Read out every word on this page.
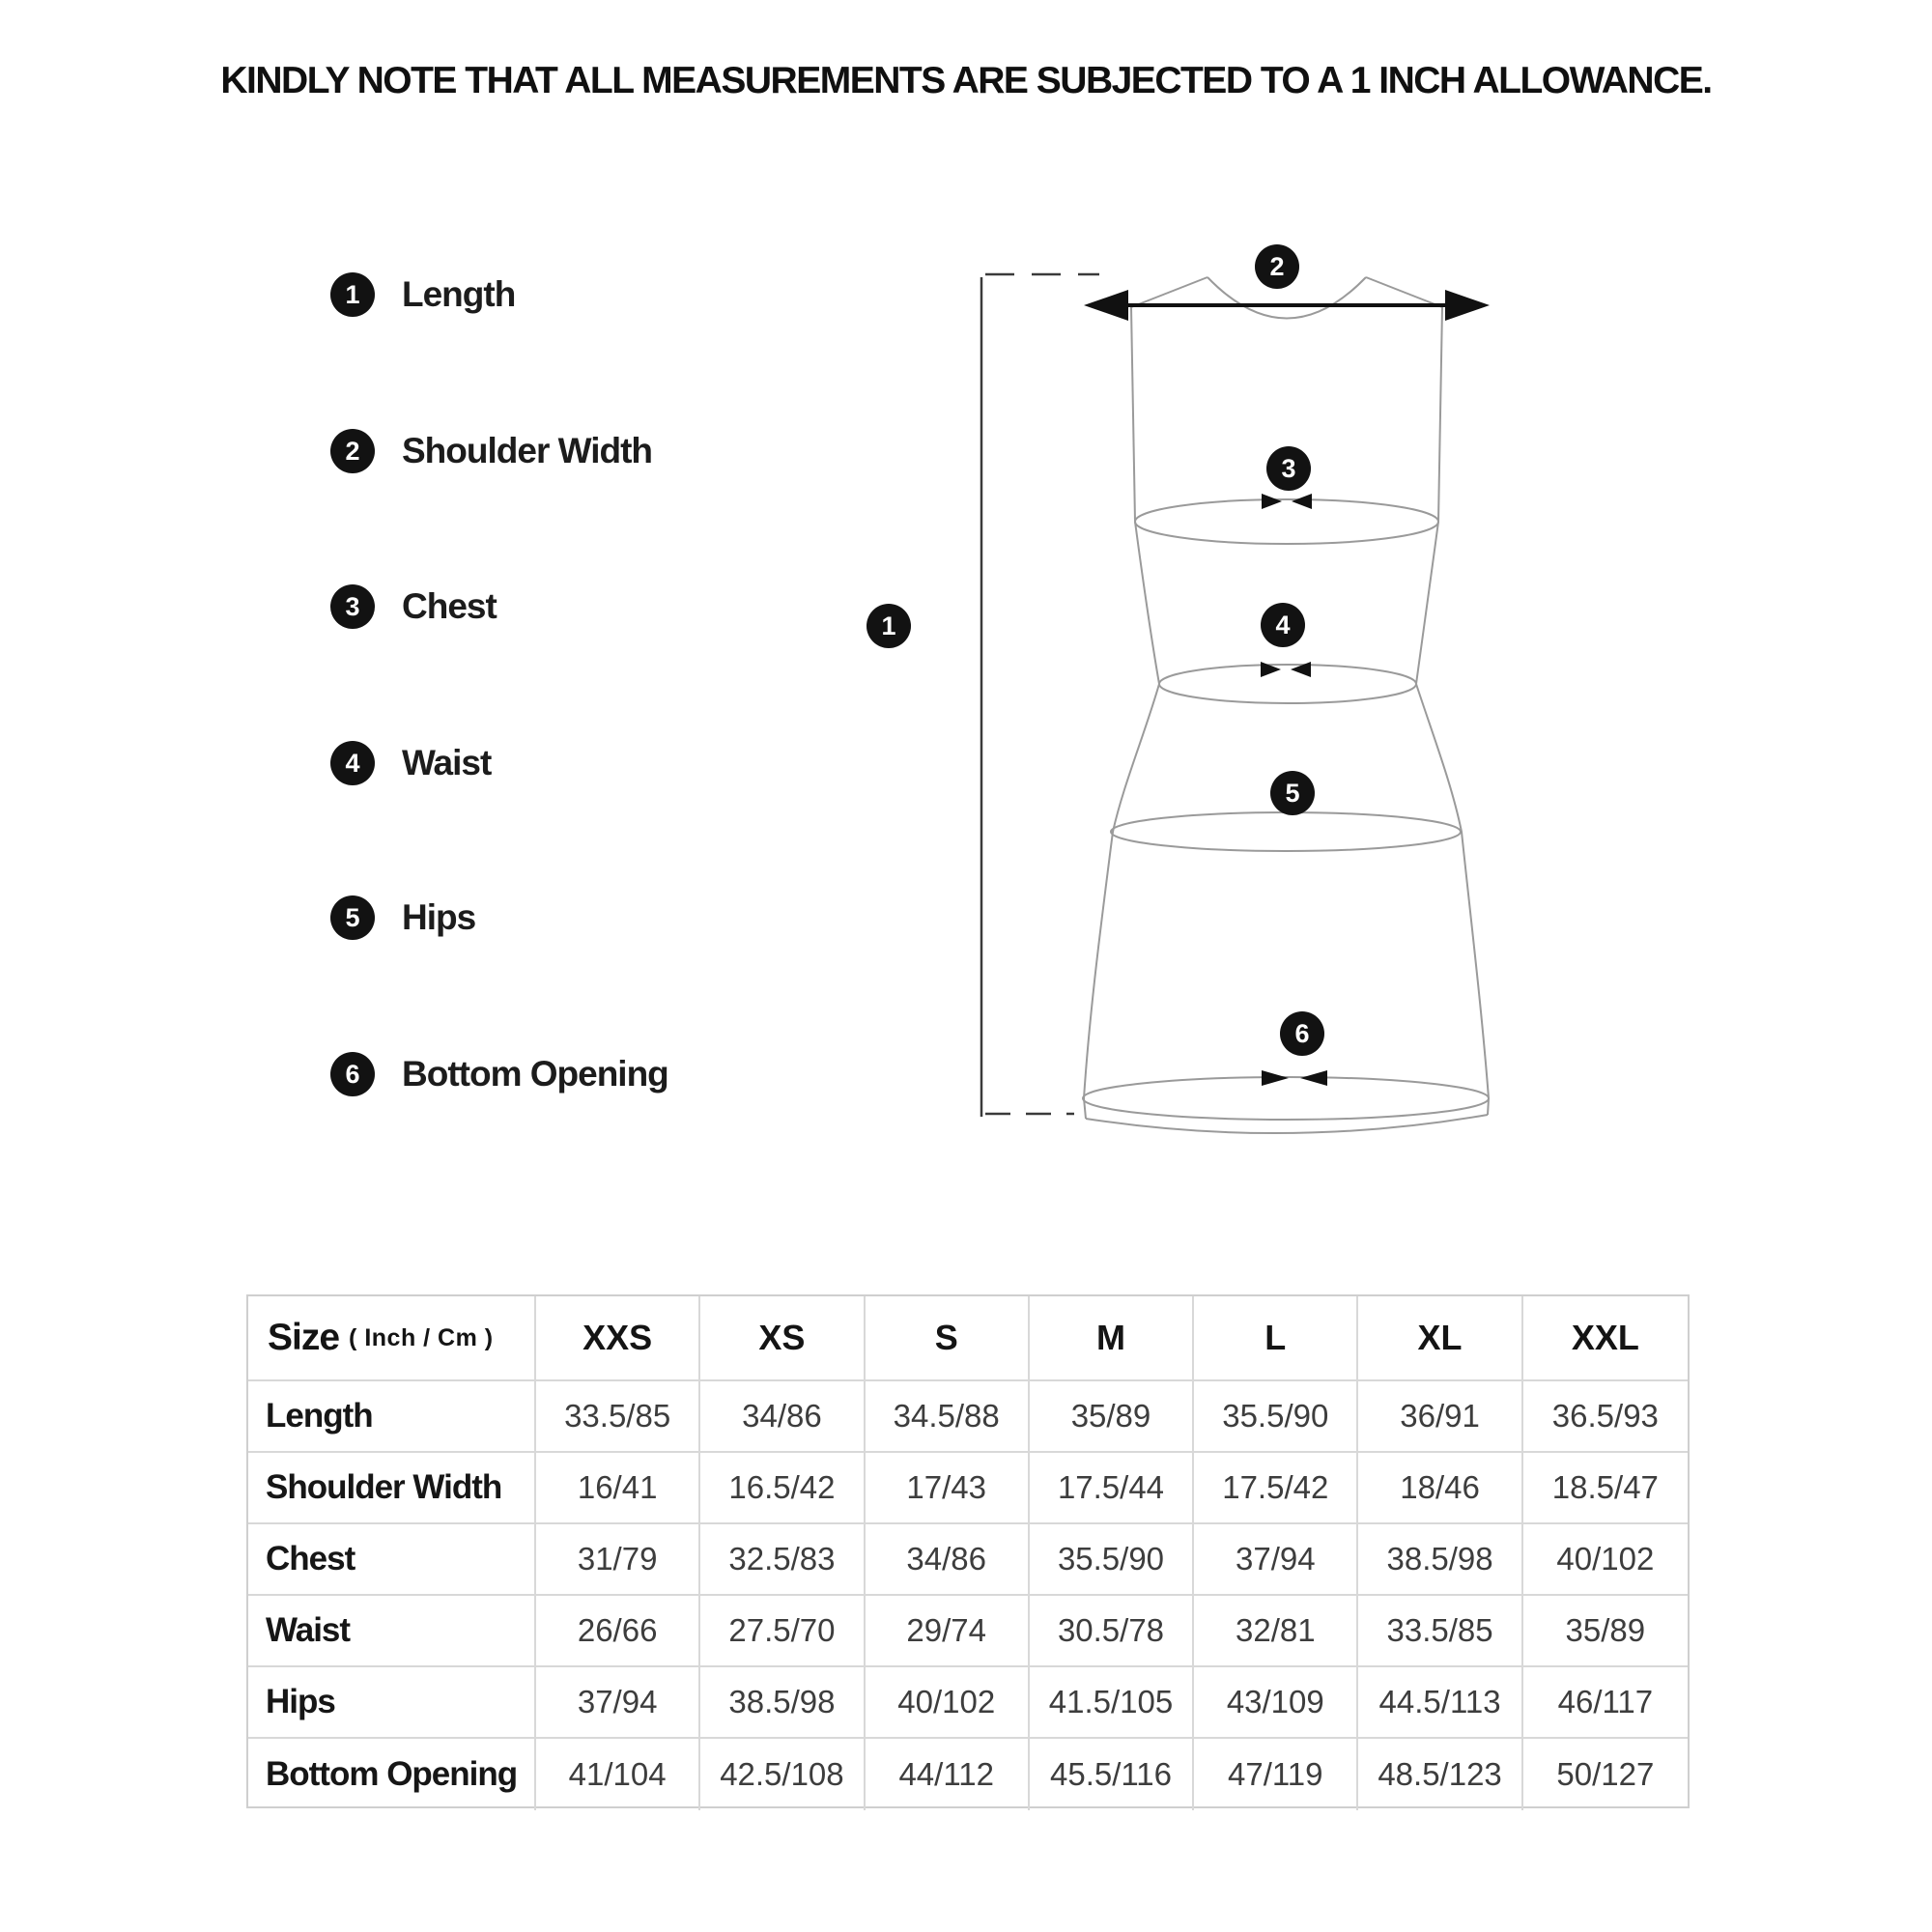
KINDLY NOTE THAT ALL MEASUREMENTS ARE SUBJECTED TO A 1 INCH ALLOWANCE.
1	Length
2	Shoulder Width
3	Chest
4	Waist
5	Hips
6	Bottom Opening
1
2
3
4
5
6
Size ( Inch / Cm )	XXS	XS	S	M	L	XL	XXL
Length	33.5/85	34/86	34.5/88	35/89	35.5/90	36/91	36.5/93
Shoulder Width	16/41	16.5/42	17/43	17.5/44	17.5/42	18/46	18.5/47
Chest	31/79	32.5/83	34/86	35.5/90	37/94	38.5/98	40/102
Waist	26/66	27.5/70	29/74	30.5/78	32/81	33.5/85	35/89
Hips	37/94	38.5/98	40/102	41.5/105	43/109	44.5/113	46/117
Bottom Opening	41/104	42.5/108	44/112	45.5/116	47/119	48.5/123	50/127
